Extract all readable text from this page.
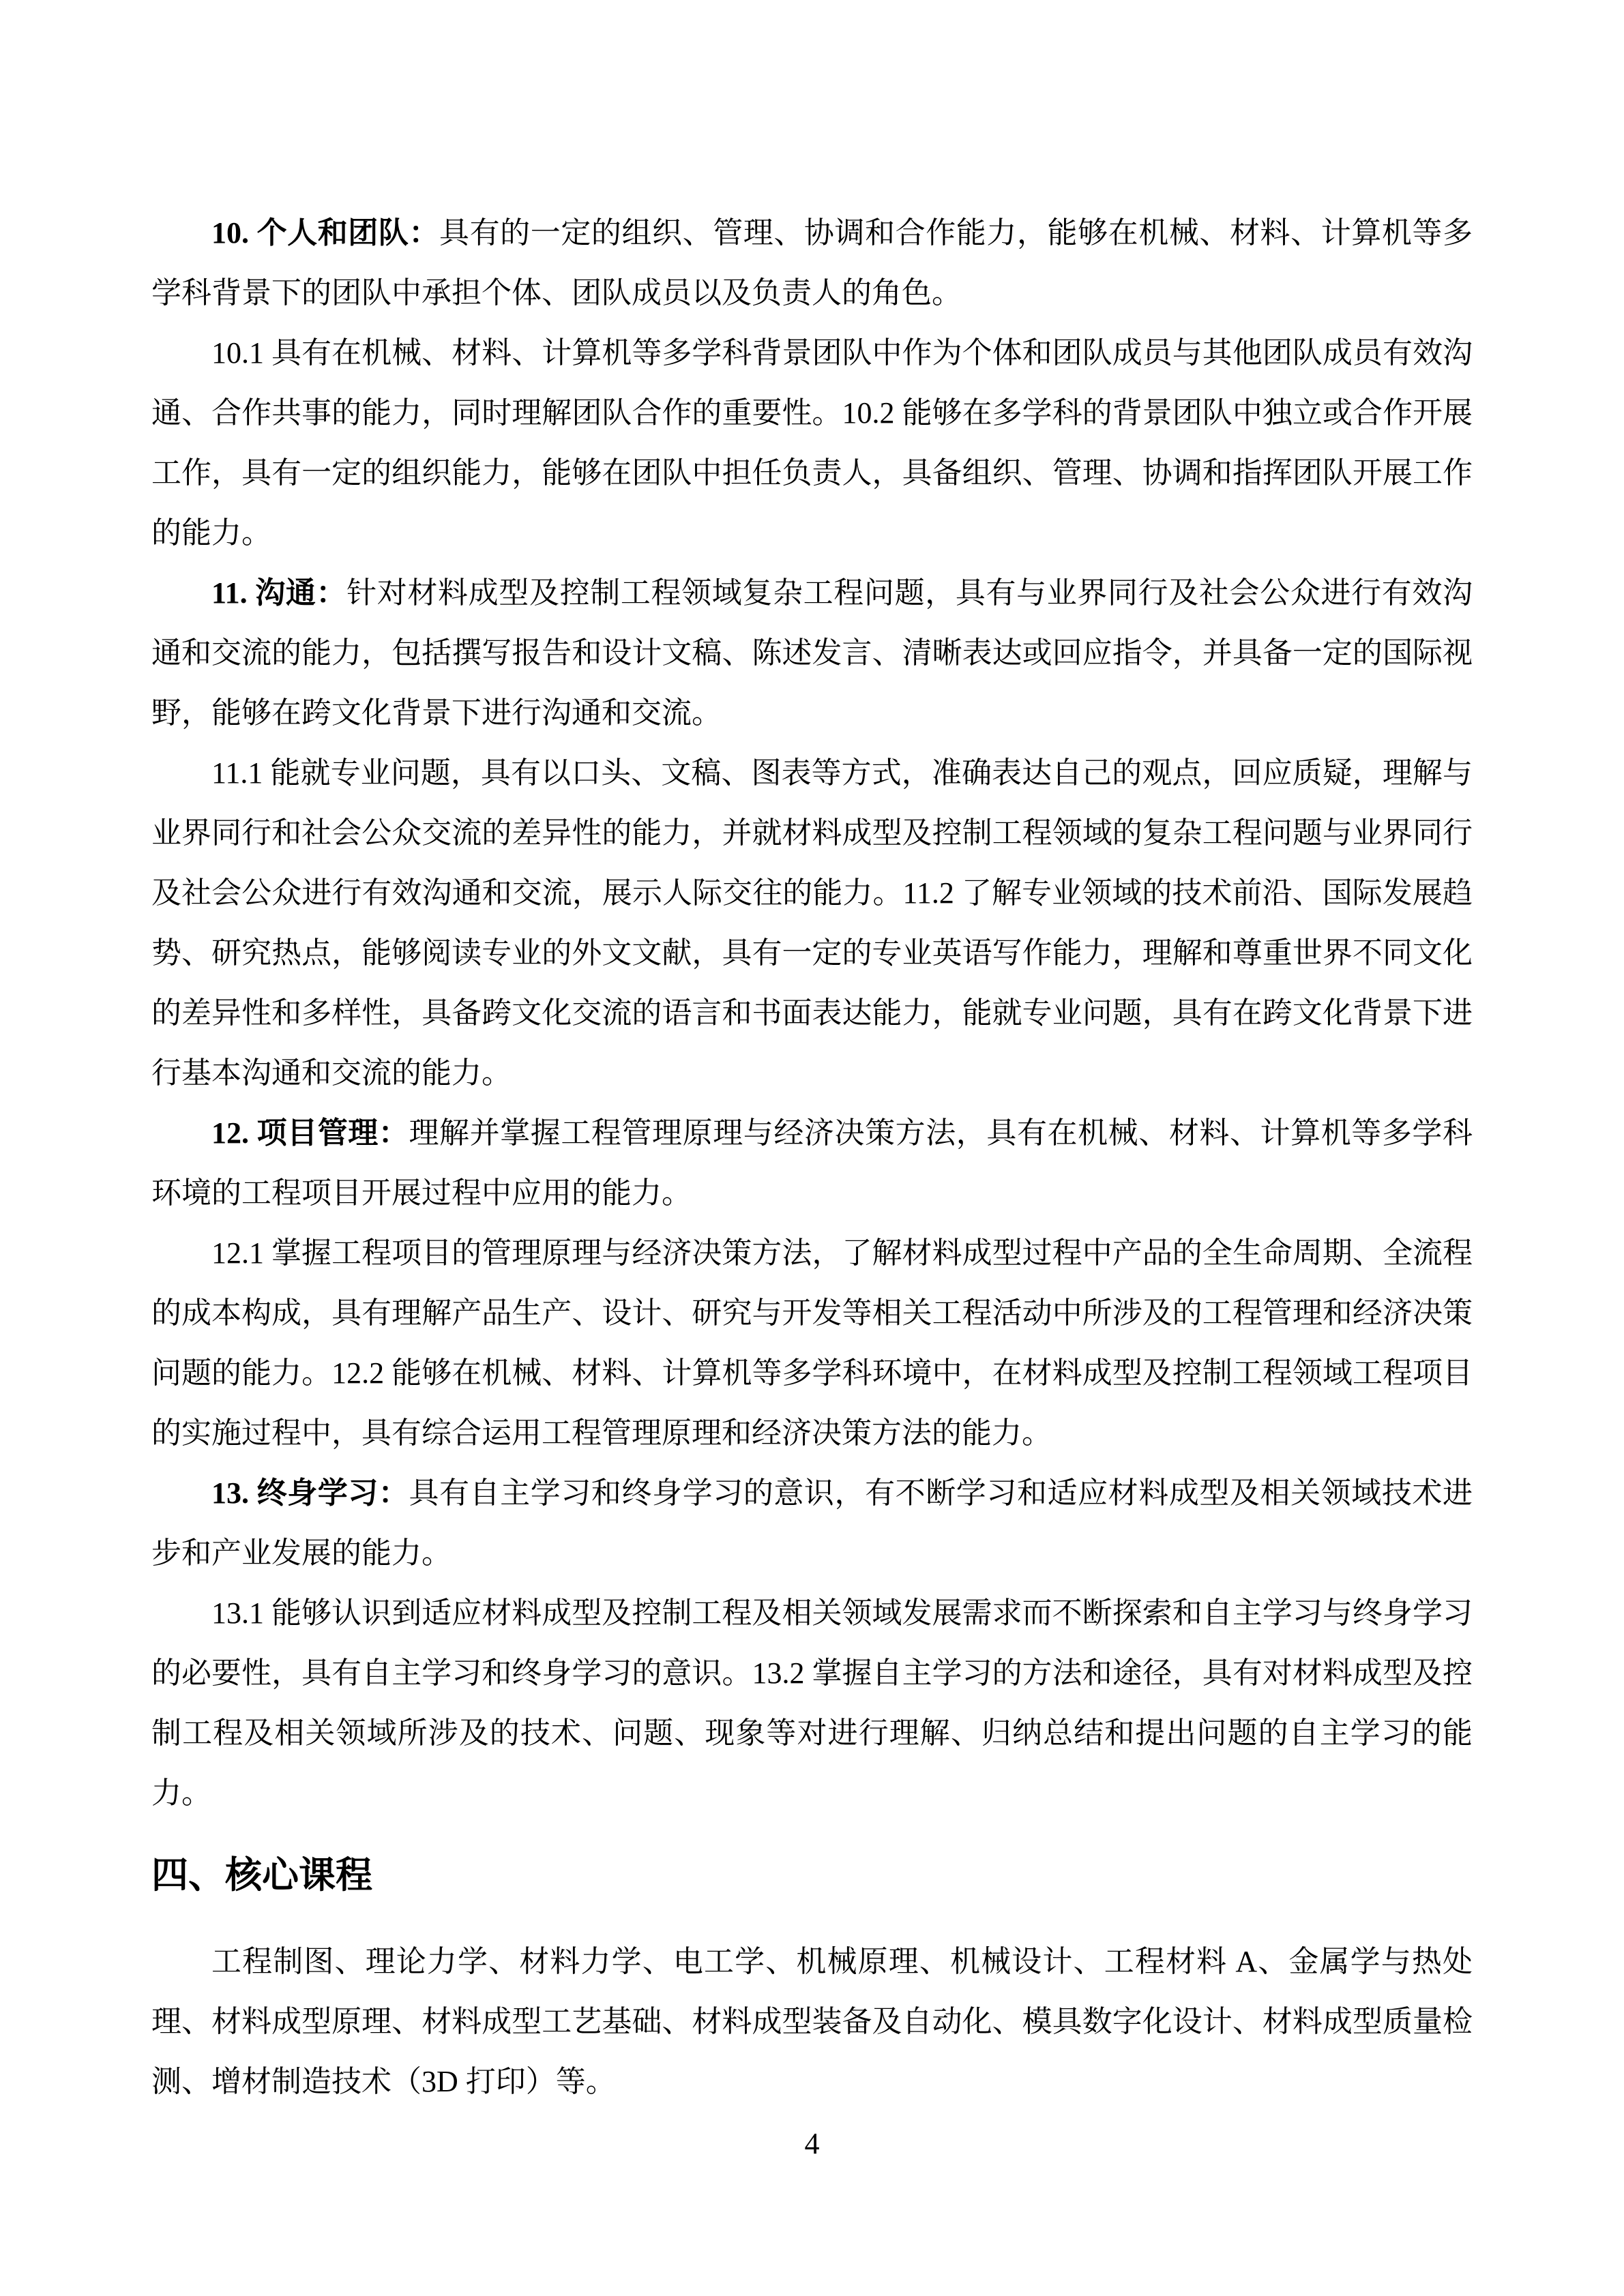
10. 个人和团队：具有的一定的组织、管理、协调和合作能力，能够在机械、材料、计算机等多学科背景下的团队中承担个体、团队成员以及负责人的角色。

10.1 具有在机械、材料、计算机等多学科背景团队中作为个体和团队成员与其他团队成员有效沟通、合作共事的能力，同时理解团队合作的重要性。10.2 能够在多学科的背景团队中独立或合作开展工作，具有一定的组织能力，能够在团队中担任负责人，具备组织、管理、协调和指挥团队开展工作的能力。

11. 沟通：针对材料成型及控制工程领域复杂工程问题，具有与业界同行及社会公众进行有效沟通和交流的能力，包括撰写报告和设计文稿、陈述发言、清晰表达或回应指令，并具备一定的国际视野，能够在跨文化背景下进行沟通和交流。

11.1 能就专业问题，具有以口头、文稿、图表等方式，准确表达自己的观点，回应质疑，理解与业界同行和社会公众交流的差异性的能力，并就材料成型及控制工程领域的复杂工程问题与业界同行及社会公众进行有效沟通和交流，展示人际交往的能力。11.2 了解专业领域的技术前沿、国际发展趋势、研究热点，能够阅读专业的外文文献，具有一定的专业英语写作能力，理解和尊重世界不同文化的差异性和多样性，具备跨文化交流的语言和书面表达能力，能就专业问题，具有在跨文化背景下进行基本沟通和交流的能力。

12. 项目管理：理解并掌握工程管理原理与经济决策方法，具有在机械、材料、计算机等多学科环境的工程项目开展过程中应用的能力。

12.1 掌握工程项目的管理原理与经济决策方法，了解材料成型过程中产品的全生命周期、全流程的成本构成，具有理解产品生产、设计、研究与开发等相关工程活动中所涉及的工程管理和经济决策问题的能力。12.2 能够在机械、材料、计算机等多学科环境中，在材料成型及控制工程领域工程项目的实施过程中，具有综合运用工程管理原理和经济决策方法的能力。

13. 终身学习：具有自主学习和终身学习的意识，有不断学习和适应材料成型及相关领域技术进步和产业发展的能力。

13.1 能够认识到适应材料成型及控制工程及相关领域发展需求而不断探索和自主学习与终身学习的必要性，具有自主学习和终身学习的意识。13.2 掌握自主学习的方法和途径，具有对材料成型及控制工程及相关领域所涉及的技术、问题、现象等对进行理解、归纳总结和提出问题的自主学习的能力。

四、核心课程

工程制图、理论力学、材料力学、电工学、机械原理、机械设计、工程材料 A、金属学与热处理、材料成型原理、材料成型工艺基础、材料成型装备及自动化、模具数字化设计、材料成型质量检测、增材制造技术（3D 打印）等。

4
